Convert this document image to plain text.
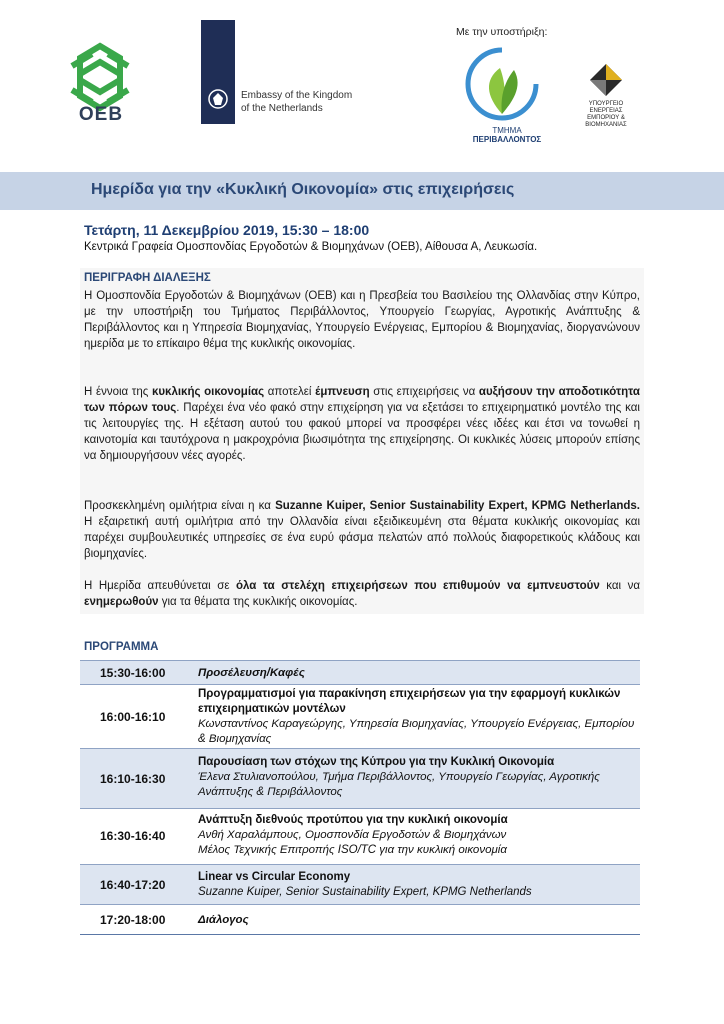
OEB
Embassy of the Kingdom
of the Netherlands
Με την υποστήριξη:
ΤΜΗΜΑ
ΠΕΡΙΒΑΛΛΟΝΤΟΣ
ΥΠΟΥΡΓΕΙΟ
ΕΝΕΡΓΕΙΑΣ
ΕΜΠΟΡΙΟΥ &
ΒΙΟΜΗΧΑΝΙΑΣ
Ημερίδα για την «Κυκλική Οικονομία» στις επιχειρήσεις
Τετάρτη, 11 Δεκεμβρίου 2019, 15:30 – 18:00
Κεντρικά Γραφεία Ομοσπονδίας Εργοδοτών & Βιομηχάνων (ΟΕΒ), Αίθουσα Α, Λευκωσία.
ΠΕΡΙΓΡΑΦΗ ΔΙΑΛΕΞΗΣ
Η Ομοσπονδία Εργοδοτών & Βιομηχάνων (ΟΕΒ) και η Πρεσβεία του Βασιλείου της Ολλανδίας στην Κύπρο, με την υποστήριξη του Τμήματος Περιβάλλοντος, Υπουργείο Γεωργίας, Αγροτικής Ανάπτυξης & Περιβάλλοντος και η Υπηρεσία Βιομηχανίας, Υπουργείο Ενέργειας, Εμπορίου & Βιομηχανίας, διοργανώνουν ημερίδα με το επίκαιρο θέμα της κυκλικής οικονομίας.
Η έννοια της κυκλικής οικονομίας αποτελεί έμπνευση στις επιχειρήσεις να αυξήσουν την αποδοτικότητα των πόρων τους. Παρέχει ένα νέο φακό στην επιχείρηση για να εξετάσει το επιχειρηματικό μοντέλο της και τις λειτουργίες της. Η εξέταση αυτού του φακού μπορεί να προσφέρει νέες ιδέες και έτσι να τονωθεί η καινοτομία και ταυτόχρονα η μακροχρόνια βιωσιμότητα της επιχείρησης. Οι κυκλικές λύσεις μπορούν επίσης να δημιουργήσουν νέες αγορές.
Προσκεκλημένη ομιλήτρια είναι η κα Suzanne Kuiper, Senior Sustainability Expert, KPMG Netherlands. Η εξαιρετική αυτή ομιλήτρια από την Ολλανδία είναι εξειδικευμένη στα θέματα κυκλικής οικονομίας και παρέχει συμβουλευτικές υπηρεσίες σε ένα ευρύ φάσμα πελατών από πολλούς διαφορετικούς κλάδους και βιομηχανίες.
Η Ημερίδα απευθύνεται σε όλα τα στελέχη επιχειρήσεων που επιθυμούν να εμπνευστούν και να ενημερωθούν για τα θέματα της κυκλικής οικονομίας.
ΠΡΟΓΡΑΜΜΑ
15:30-16:00	Προσέλευση/Καφές
16:00-16:10
Προγραμματισμοί για παρακίνηση επιχειρήσεων για την εφαρμογή κυκλικών επιχειρηματικών μοντέλων
Κωνσταντίνος Καραγεώργης, Υπηρεσία Βιομηχανίας, Υπουργείο Ενέργειας, Εμπορίου & Βιομηχανίας
16:10-16:30
Παρουσίαση των στόχων της Κύπρου για την Κυκλική Οικονομία
Έλενα Στυλιανοπούλου, Τμήμα Περιβάλλοντος, Υπουργείο Γεωργίας, Αγροτικής Ανάπτυξης & Περιβάλλοντος
16:30-16:40
Ανάπτυξη διεθνούς προτύπου για την κυκλική οικονομία
Ανθή Χαραλάμπους, Ομοσπονδία Εργοδοτών & Βιομηχάνων
Μέλος Τεχνικής Επιτροπής ISO/TC για την κυκλική οικονομία
16:40-17:20
Linear vs Circular Economy
Suzanne Kuiper, Senior Sustainability Expert, KPMG Netherlands
17:20-18:00	Διάλογος
